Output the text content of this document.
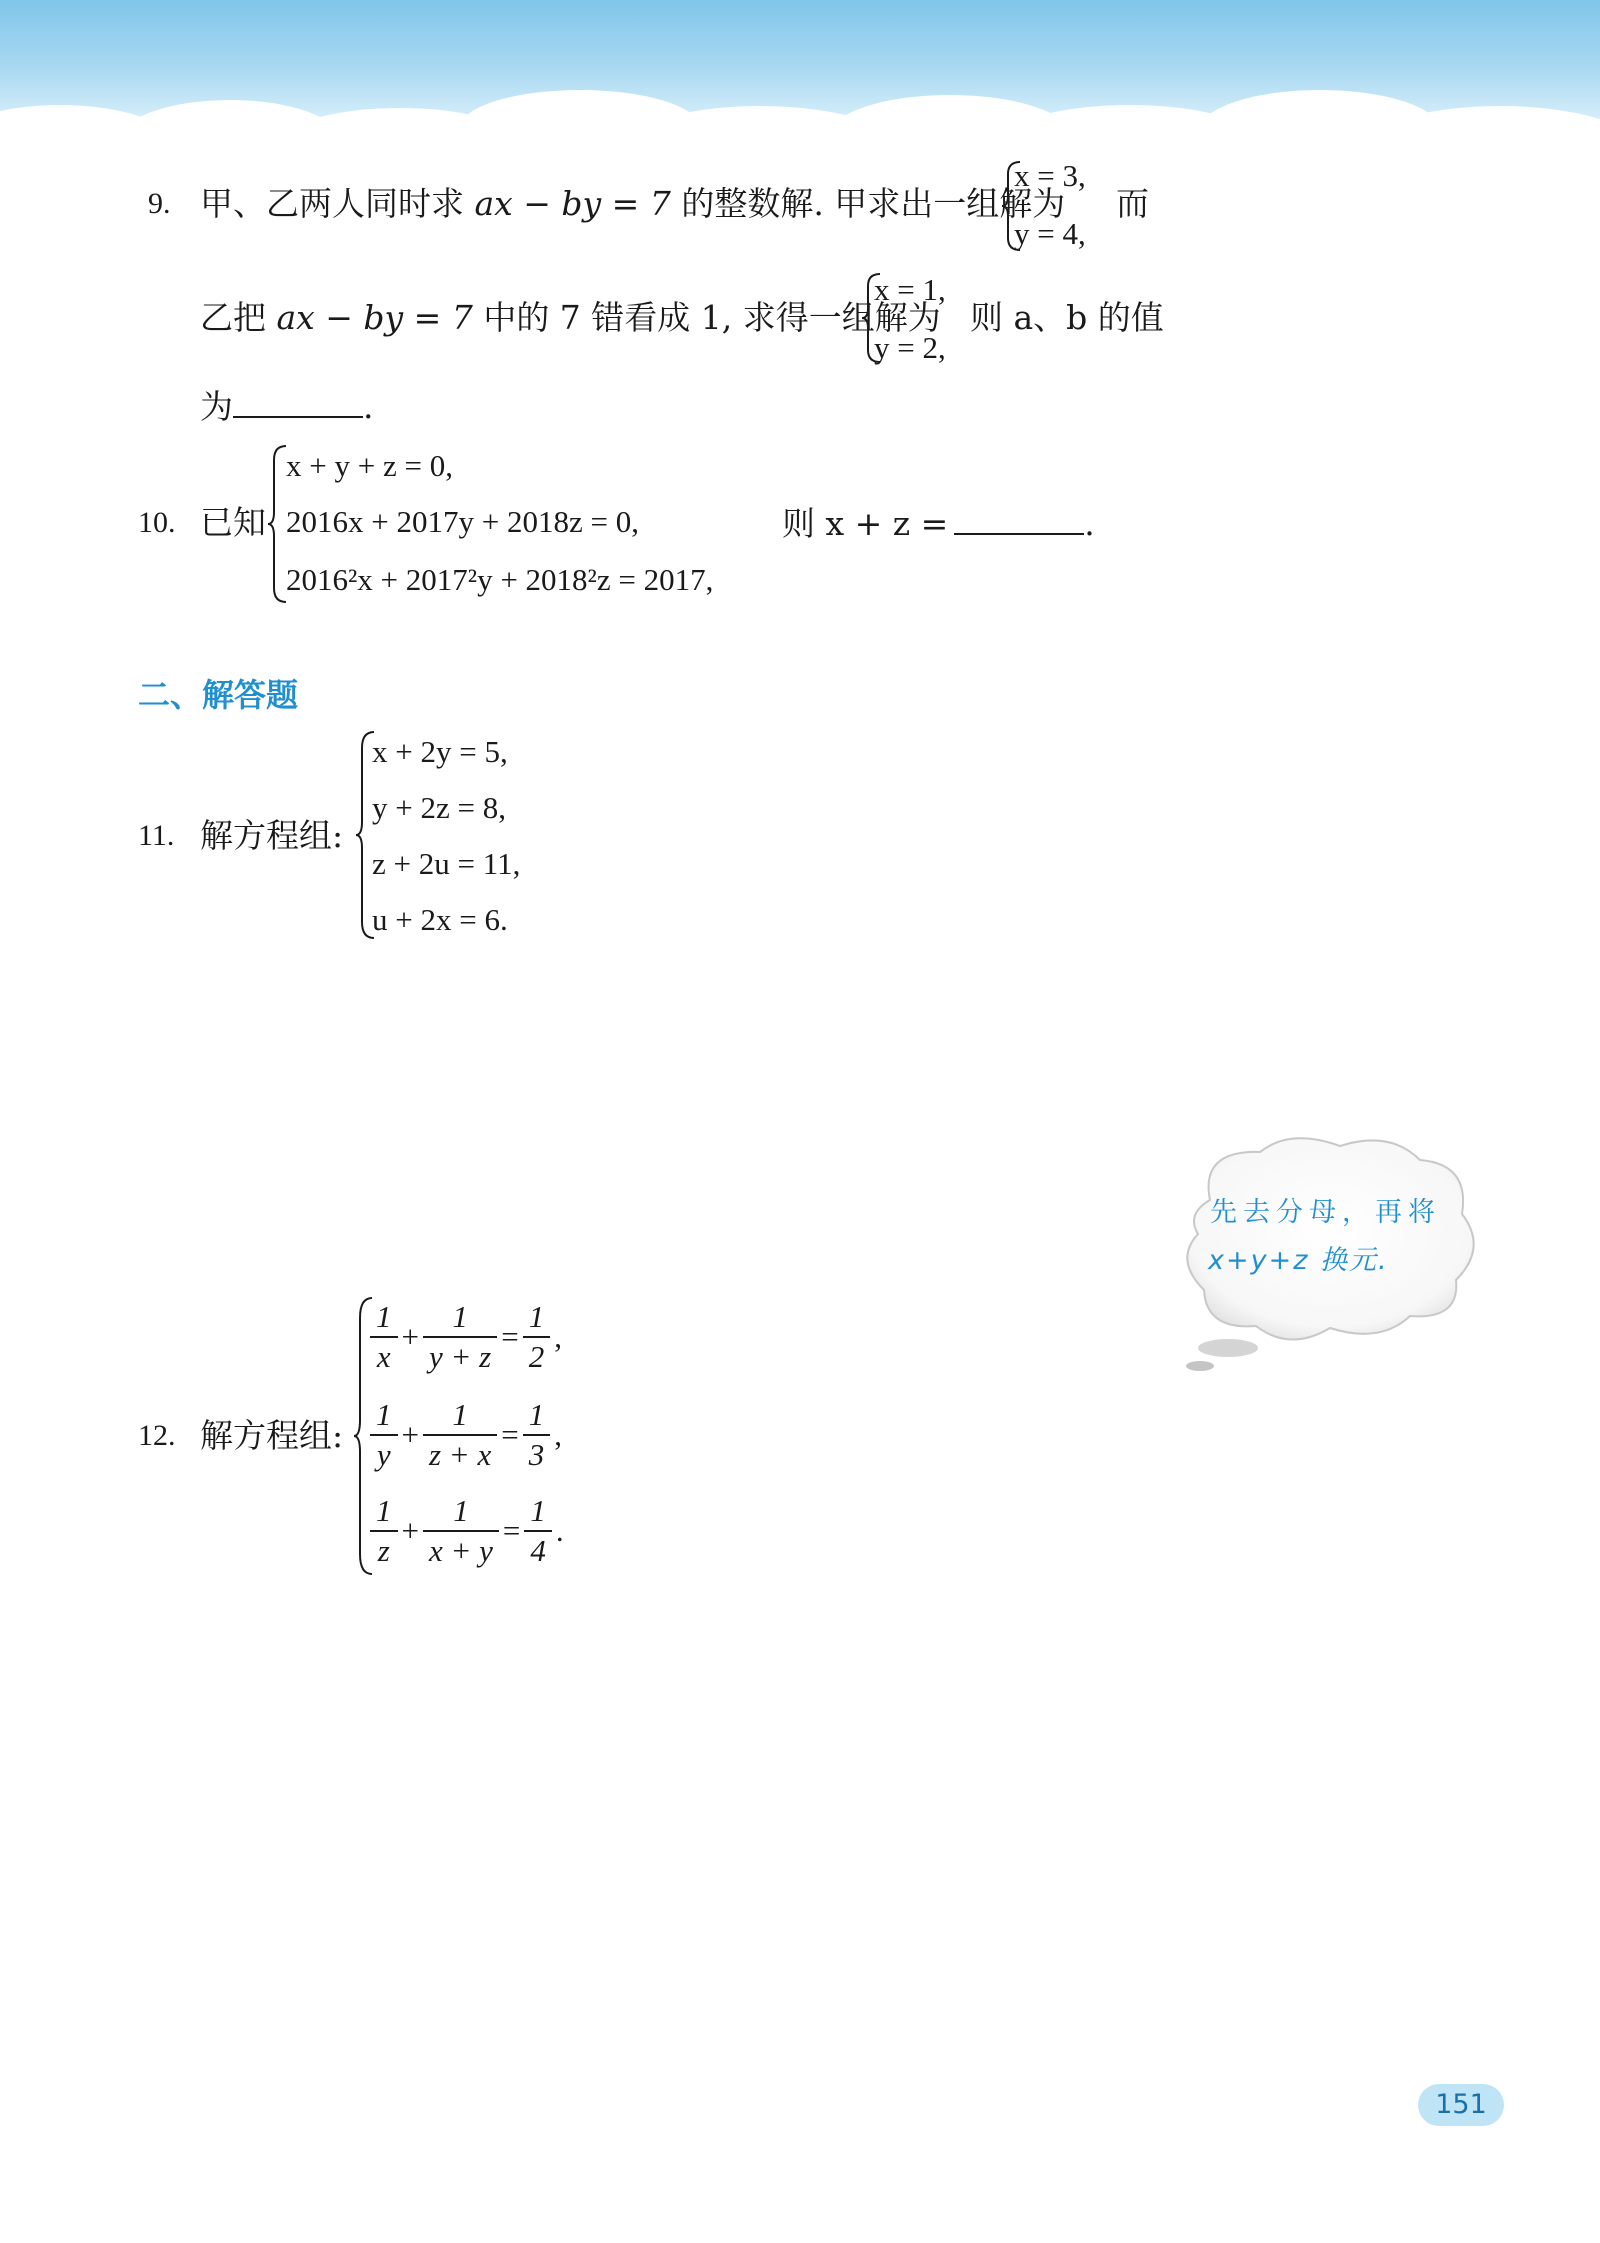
9. 甲、乙两人同时求 ax − by = 7 的整数解. 甲求出一组解为
x = 3,
y = 4,
而
乙把 ax − by = 7 中的 7 错看成 1, 求得一组解为
x = 1,
y = 2,
则 a、b 的值
为	.
10. 已知
x + y + z = 0,
2016x + 2017y + 2018z = 0,
2016²x + 2017²y + 2018²z = 2017,
则 x + z =	.
二、解答题
11. 解方程组:
x + 2y = 5,
y + 2z = 8,
z + 2u = 11,
u + 2x = 6.
先去分母，再将
x+y+z 换元.
12. 解方程组:
$\frac{1}{x} + \frac{1}{y + z} = \frac{1}{2}$ ,
$\frac{1}{y} + \frac{1}{z + x} = \frac{1}{3}$ ,
$\frac{1}{z} + \frac{1}{x + y} = \frac{1}{4}$ .
151
